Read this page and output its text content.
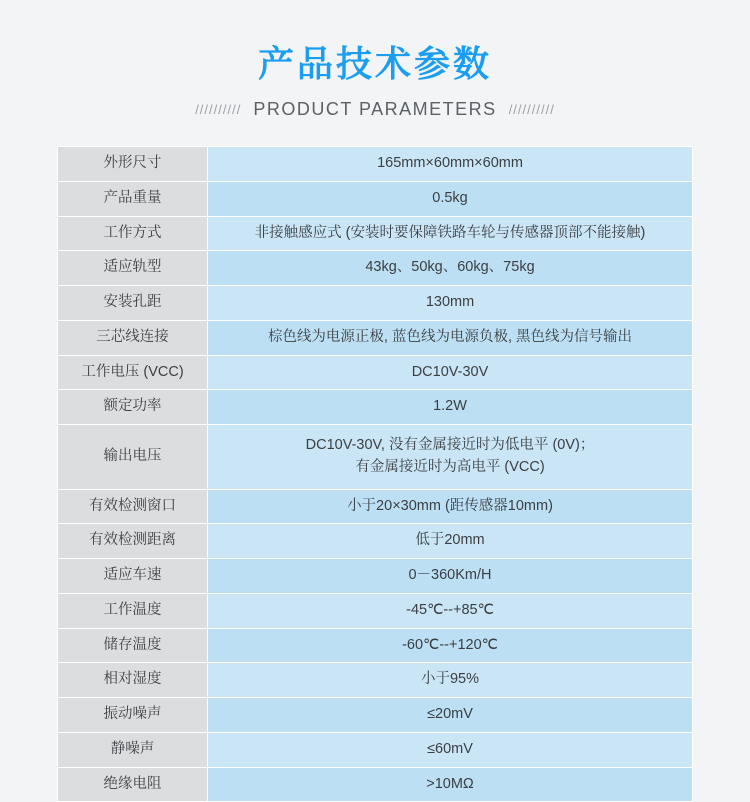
产品技术参数
////////// PRODUCT PARAMETERS //////////
外形尺寸	165mm×60mm×60mm
产品重量	0.5kg
工作方式	非接触感应式 (安装时要保障铁路车轮与传感器顶部不能接触)
适应轨型	43kg、50kg、60kg、75kg
安装孔距	130mm
三芯线连接	棕色线为电源正极, 蓝色线为电源负极, 黑色线为信号输出
工作电压 (VCC)	DC10V-30V
额定功率	1.2W
输出电压	DC10V-30V, 没有金属接近时为低电平 (0V)；
有金属接近时为高电平 (VCC)

有效检测窗口	小于20×30mm (距传感器10mm)
有效检测距离	低于20mm
适应车速	0－360Km/H
工作温度	-45℃--+85℃
储存温度	-60℃--+120℃
相对湿度	小于95%
振动噪声	≤20mV
静噪声	≤60mV
绝缘电阻	>10MΩ
